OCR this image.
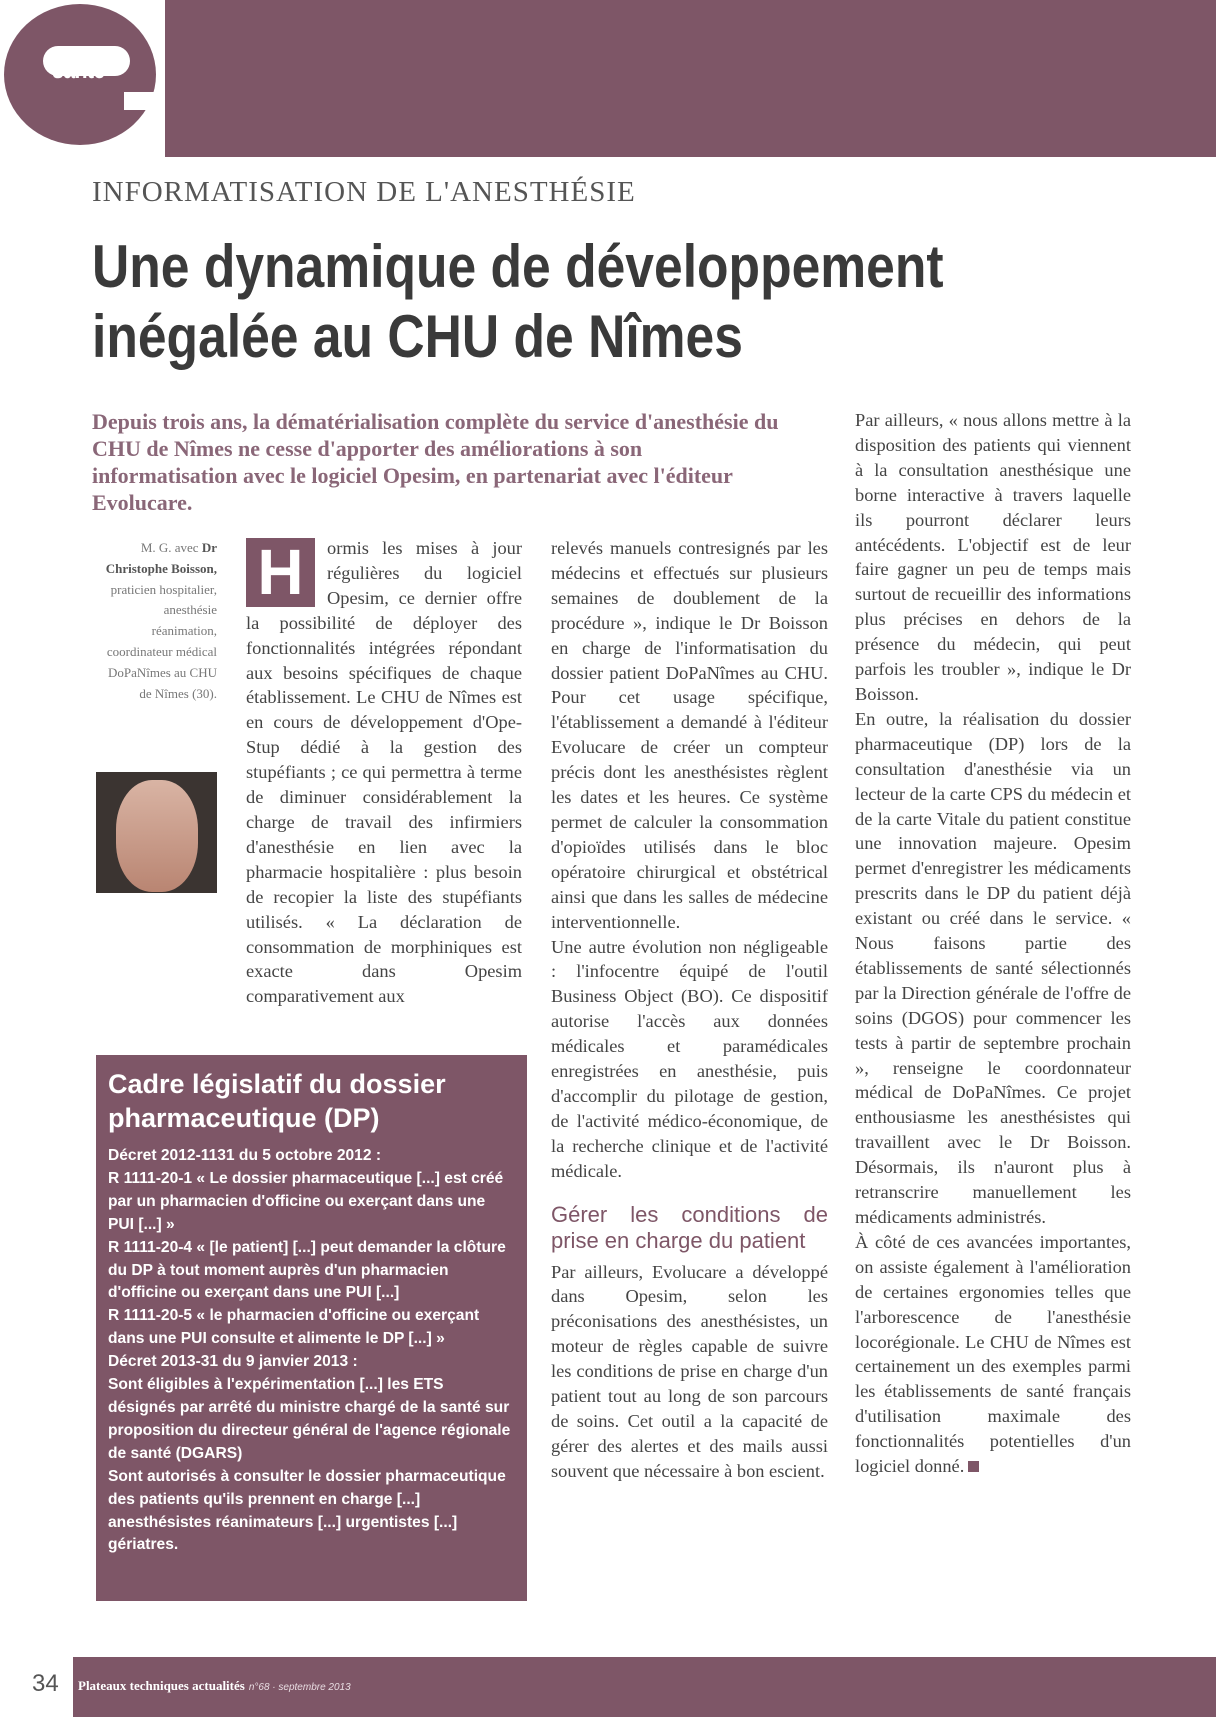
santé
INFORMATISATION DE L'ANESTHÉSIE
Une dynamique de développement
inégalée au CHU de Nîmes
Depuis trois ans, la dématérialisation complète du service d'anesthésie du CHU de Nîmes ne cesse d'apporter des améliorations à son informatisation avec le logiciel Opesim, en partenariat avec l'éditeur Evolucare.
M. G. avec Dr Christophe Boisson, praticien hospitalier, anesthésie réanimation, coordinateur médical DoPaNîmes au CHU de Nîmes (30).
H	ormis les mises à jour régulières du logiciel Opesim, ce dernier offre la possibilité de déployer des fonctionnalités intégrées répondant aux besoins spécifiques de chaque établissement. Le CHU de Nîmes est en cours de développement d'Ope-Stup dédié à la gestion des stupéfiants ; ce qui permettra à terme de diminuer considérablement la charge de travail des infirmiers d'anesthésie en lien avec la pharmacie hospitalière : plus besoin de recopier la liste des stupéfiants utilisés. « La déclaration de consommation de morphiniques est exacte dans Opesim comparativement aux

relevés manuels contresignés par les médecins et effectués sur plusieurs semaines de doublement de la procédure », indique le Dr Boisson en charge de l'informatisation du dossier patient DoPaNîmes au CHU. Pour cet usage spécifique, l'établissement a demandé à l'éditeur Evolucare de créer un compteur précis dont les anesthésistes règlent les dates et les heures. Ce système permet de calculer la consommation d'opioïdes utilisés dans le bloc opératoire chirurgical et obstétrical ainsi que dans les salles de médecine interventionnelle.

Une autre évolution non négligeable : l'infocentre équipé de l'outil Business Object (BO). Ce dispositif autorise l'accès aux données médicales et paramédicales enregistrées en anesthésie, puis d'accomplir du pilotage de gestion, de l'activité médico-économique, de la recherche clinique et de l'activité médicale.

Gérer les conditions de prise en charge du patient

Par ailleurs, Evolucare a développé dans Opesim, selon les préconisations des anesthésistes, un moteur de règles capable de suivre les conditions de prise en charge d'un patient tout au long de son parcours de soins. Cet outil a la capacité de gérer des alertes et des mails aussi souvent que nécessaire à bon escient.

Par ailleurs, « nous allons mettre à la disposition des patients qui viennent à la consultation anesthésique une borne interactive à travers laquelle ils pourront déclarer leurs antécédents. L'objectif est de leur faire gagner un peu de temps mais surtout de recueillir des informations plus précises en dehors de la présence du médecin, qui peut parfois les troubler », indique le Dr Boisson.

En outre, la réalisation du dossier pharmaceutique (DP) lors de la consultation d'anesthésie via un lecteur de la carte CPS du médecin et de la carte Vitale du patient constitue une innovation majeure. Opesim permet d'enregistrer les médicaments prescrits dans le DP du patient déjà existant ou créé dans le service. « Nous faisons partie des établissements de santé sélectionnés par la Direction générale de l'offre de soins (DGOS) pour commencer les tests à partir de septembre prochain », renseigne le coordonnateur médical de DoPaNîmes. Ce projet enthousiasme les anesthésistes qui travaillent avec le Dr Boisson. Désormais, ils n'auront plus à retranscrire manuellement les médicaments administrés.

À côté de ces avancées importantes, on assiste également à l'amélioration de certaines ergonomies telles que l'arborescence de l'anesthésie locorégionale. Le CHU de Nîmes est certainement un des exemples parmi les établissements de santé français d'utilisation maximale des fonctionnalités potentielles d'un logiciel donné.

Cadre législatif du dossier pharmaceutique (DP)

Décret 2012-1131 du 5 octobre 2012 :

R 1111-20-1 « Le dossier pharmaceutique [...] est créé par un pharmacien d'officine ou exerçant dans une PUI [...] »

R 1111-20-4 « [le patient] [...] peut demander la clôture du DP à tout moment auprès d'un pharmacien d'officine ou exerçant dans une PUI [...]

R 1111-20-5 « le pharmacien d'officine ou exerçant dans une PUI consulte et alimente le DP [...] »

Décret 2013-31 du 9 janvier 2013 :

Sont éligibles à l'expérimentation [...] les ETS désignés par arrêté du ministre chargé de la santé sur proposition du directeur général de l'agence régionale de santé (DGARS)

Sont autorisés à consulter le dossier pharmaceutique des patients qu'ils prennent en charge [...] anesthésistes réanimateurs [...] urgentistes [...] gériatres.

34 Plateaux techniques actualités n°68 · septembre 2013
